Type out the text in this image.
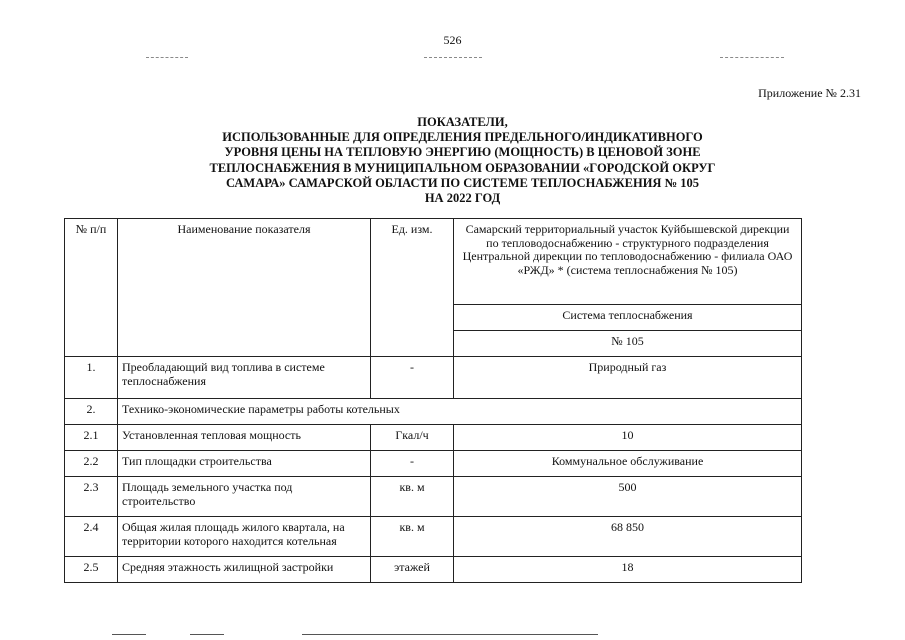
526
Приложение № 2.31
ПОКАЗАТЕЛИ,
ИСПОЛЬЗОВАННЫЕ ДЛЯ ОПРЕДЕЛЕНИЯ ПРЕДЕЛЬНОГО/ИНДИКАТИВНОГО
УРОВНЯ ЦЕНЫ НА ТЕПЛОВУЮ ЭНЕРГИЮ (МОЩНОСТЬ) В ЦЕНОВОЙ ЗОНЕ
ТЕПЛОСНАБЖЕНИЯ В МУНИЦИПАЛЬНОМ ОБРАЗОВАНИИ «ГОРОДСКОЙ ОКРУГ
САМАРА» САМАРСКОЙ ОБЛАСТИ ПО СИСТЕМЕ ТЕПЛОСНАБЖЕНИЯ № 105
НА 2022 ГОД
№ п/п	Наименование показателя	Ед. изм.	Самарский территориальный участок Куйбышевской дирекции по тепловодоснабжению - структурного подразделения Центральной дирекции по тепловодоснабжению - филиала ОАО «РЖД» * (система теплоснабжения № 105)
			Система теплоснабжения
			№ 105
1.	Преобладающий вид топлива в системе теплоснабжения	-	Природный газ
2.	Технико-экономические параметры работы котельных		
2.1	Установленная тепловая мощность	Гкал/ч	10
2.2	Тип площадки строительства	-	Коммунальное обслуживание
2.3	Площадь земельного участка под строительство	кв. м	500
2.4	Общая жилая площадь жилого квартала, на территории которого находится котельная	кв. м	68 850
2.5	Средняя этажность жилищной застройки	этажей	18
